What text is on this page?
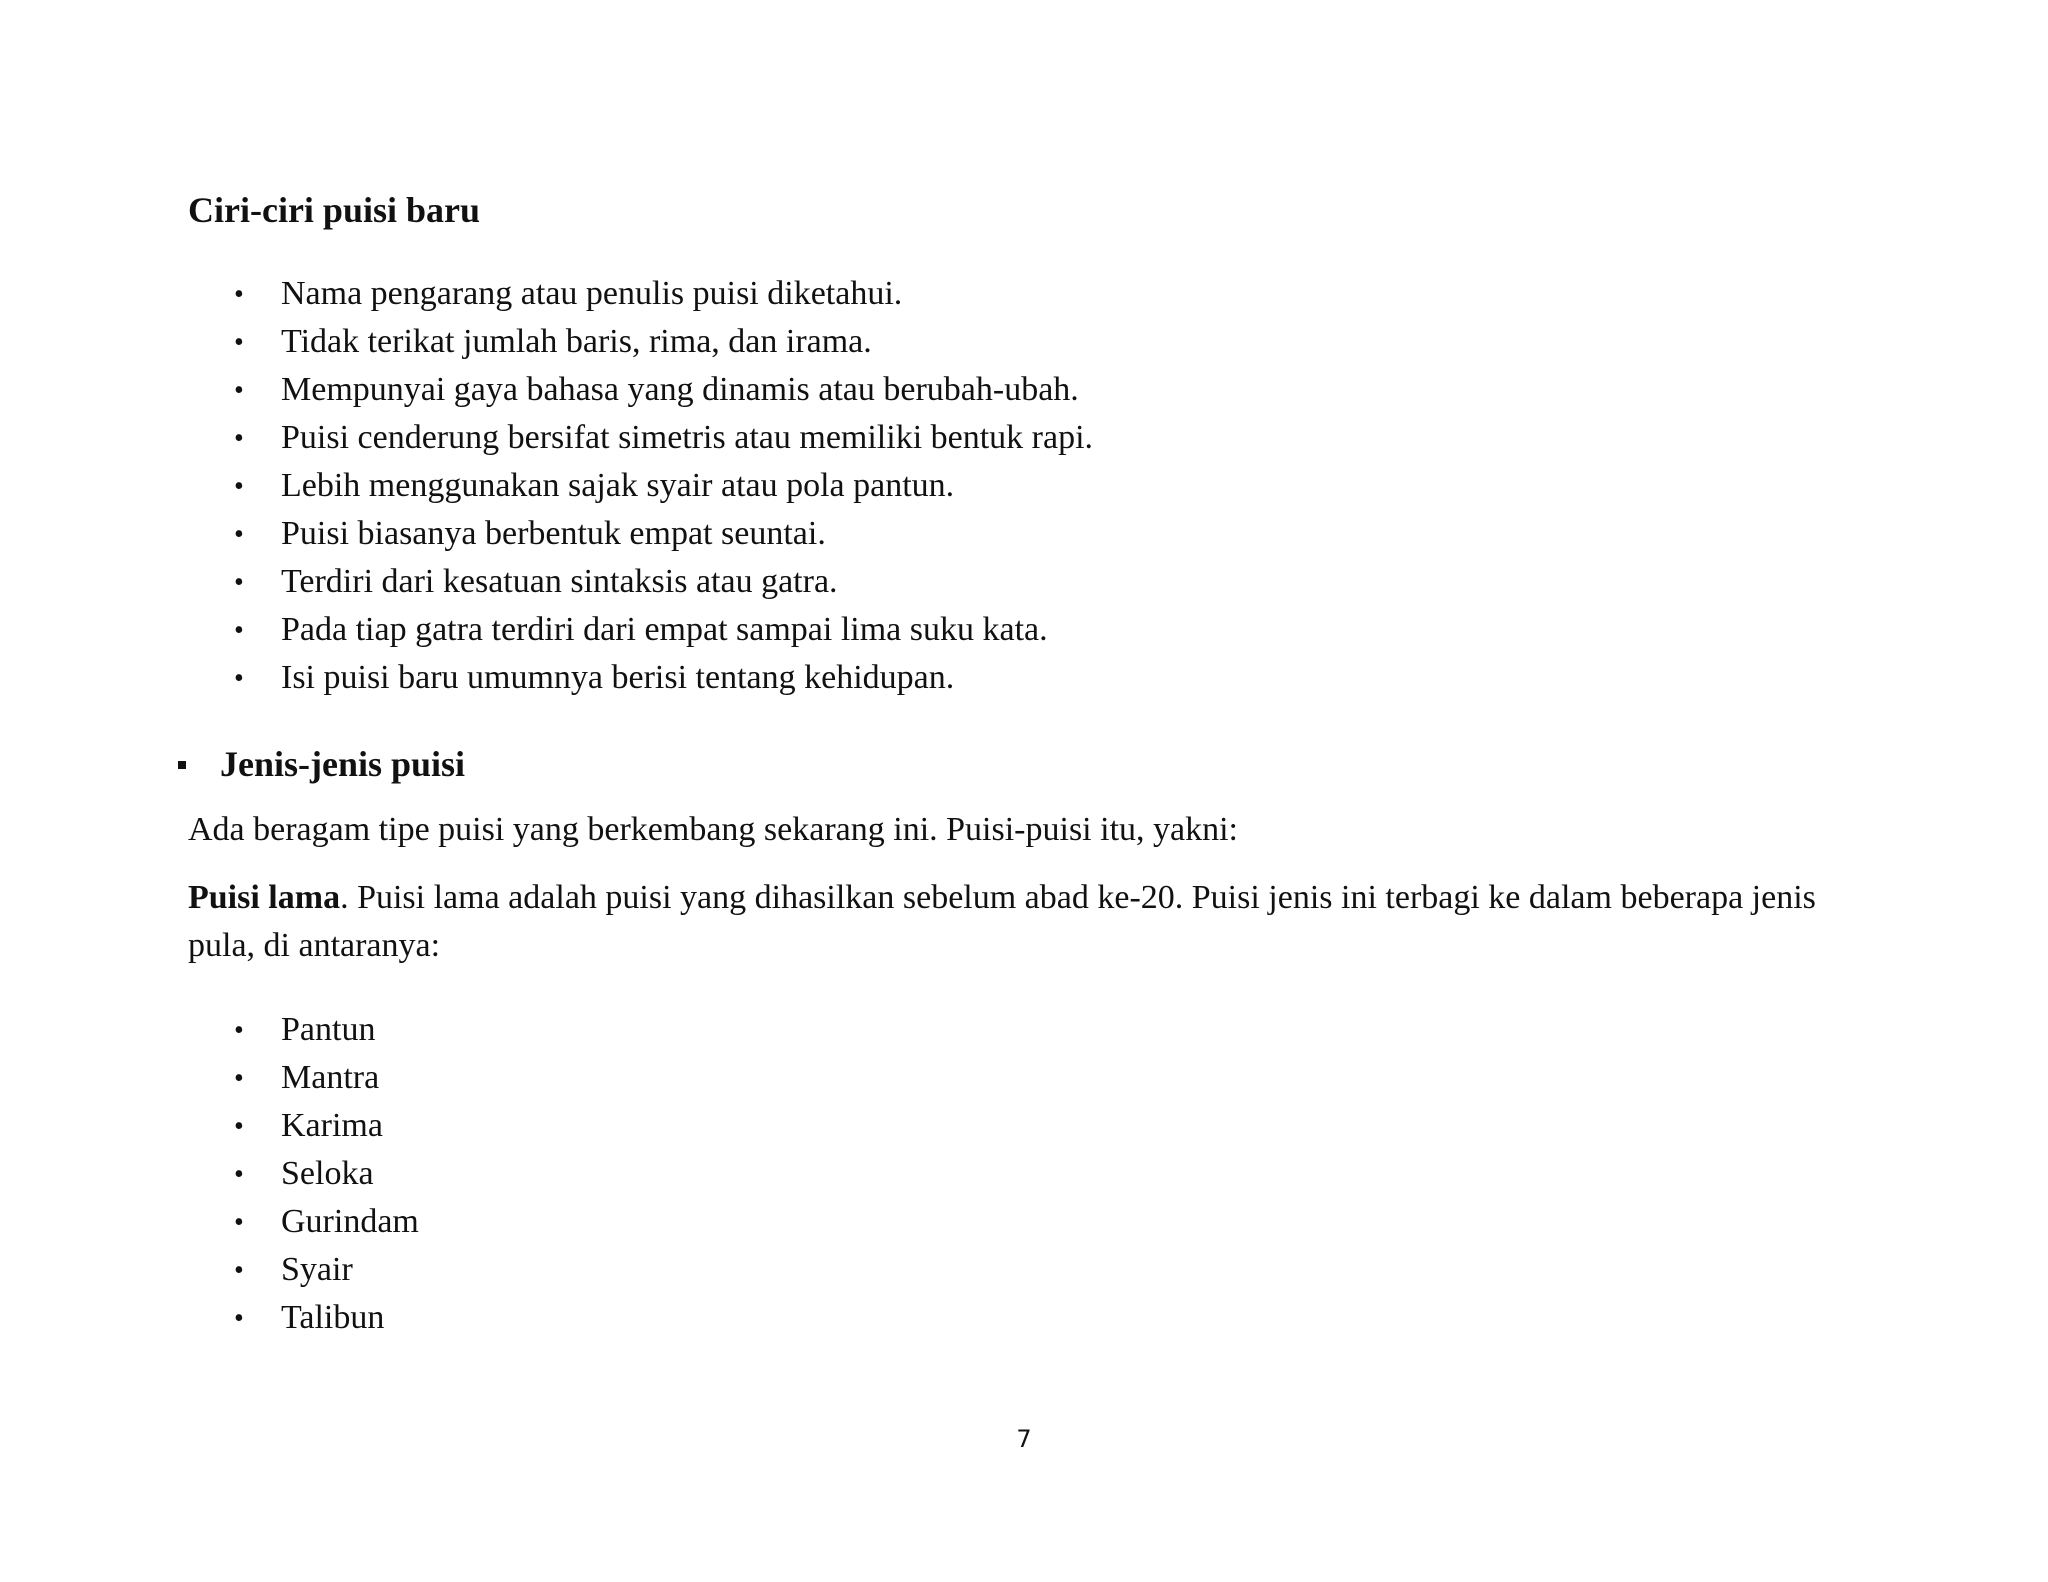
Ciri-ciri puisi baru
• Nama pengarang atau penulis puisi diketahui.
• Tidak terikat jumlah baris, rima, dan irama.
• Mempunyai gaya bahasa yang dinamis atau berubah-ubah.
• Puisi cenderung bersifat simetris atau memiliki bentuk rapi.
• Lebih menggunakan sajak syair atau pola pantun.
• Puisi biasanya berbentuk empat seuntai.
• Terdiri dari kesatuan sintaksis atau gatra.
• Pada tiap gatra terdiri dari empat sampai lima suku kata.
• Isi puisi baru umumnya berisi tentang kehidupan.
Jenis-jenis puisi

Ada beragam tipe puisi yang berkembang sekarang ini. Puisi-puisi itu, yakni:

Puisi lama. Puisi lama adalah puisi yang dihasilkan sebelum abad ke-20. Puisi jenis ini terbagi ke dalam beberapa jenis pula, di antaranya:

• Pantun
• Mantra
• Karima
• Seloka
• Gurindam
• Syair
• Talibun
7
